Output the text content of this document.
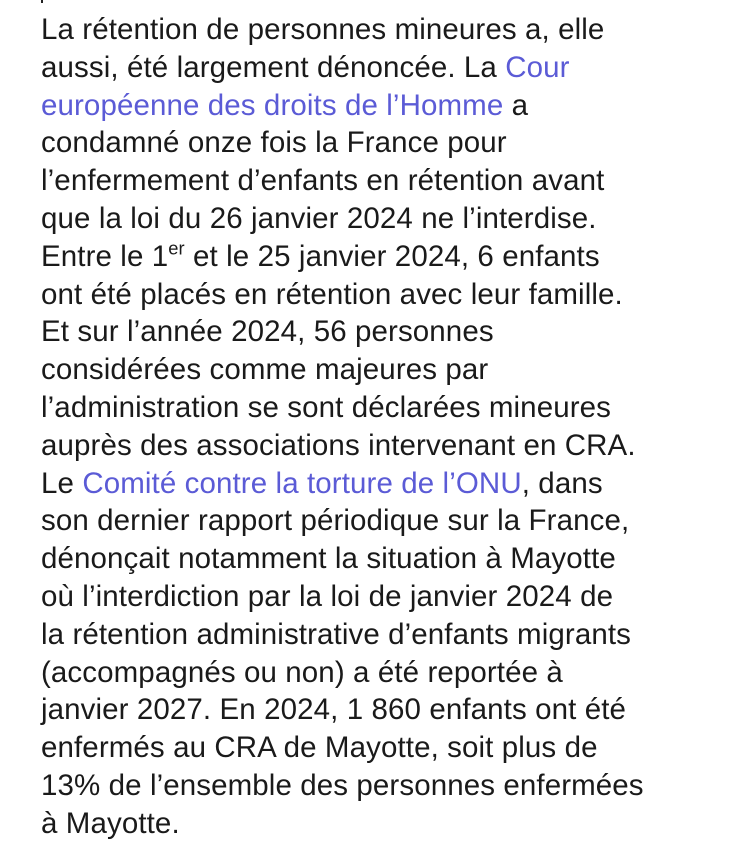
La rétention de personnes mineures a, elle
aussi, été largement dénoncée. La Cour
européenne des droits de l’Homme a
condamné onze fois la France pour
l’enfermement d’enfants en rétention avant
que la loi du 26 janvier 2024 ne l’interdise.
Entre le 1er et le 25 janvier 2024, 6 enfants
ont été placés en rétention avec leur famille.
Et sur l’année 2024, 56 personnes
considérées comme majeures par
l’administration se sont déclarées mineures
auprès des associations intervenant en CRA.
Le Comité contre la torture de l’ONU, dans
son dernier rapport périodique sur la France,
dénonçait notamment la situation à Mayotte
où l’interdiction par la loi de janvier 2024 de
la rétention administrative d’enfants migrants
(accompagnés ou non) a été reportée à
janvier 2027. En 2024, 1 860 enfants ont été
enfermés au CRA de Mayotte, soit plus de
13% de l’ensemble des personnes enfermées
à Mayotte.
